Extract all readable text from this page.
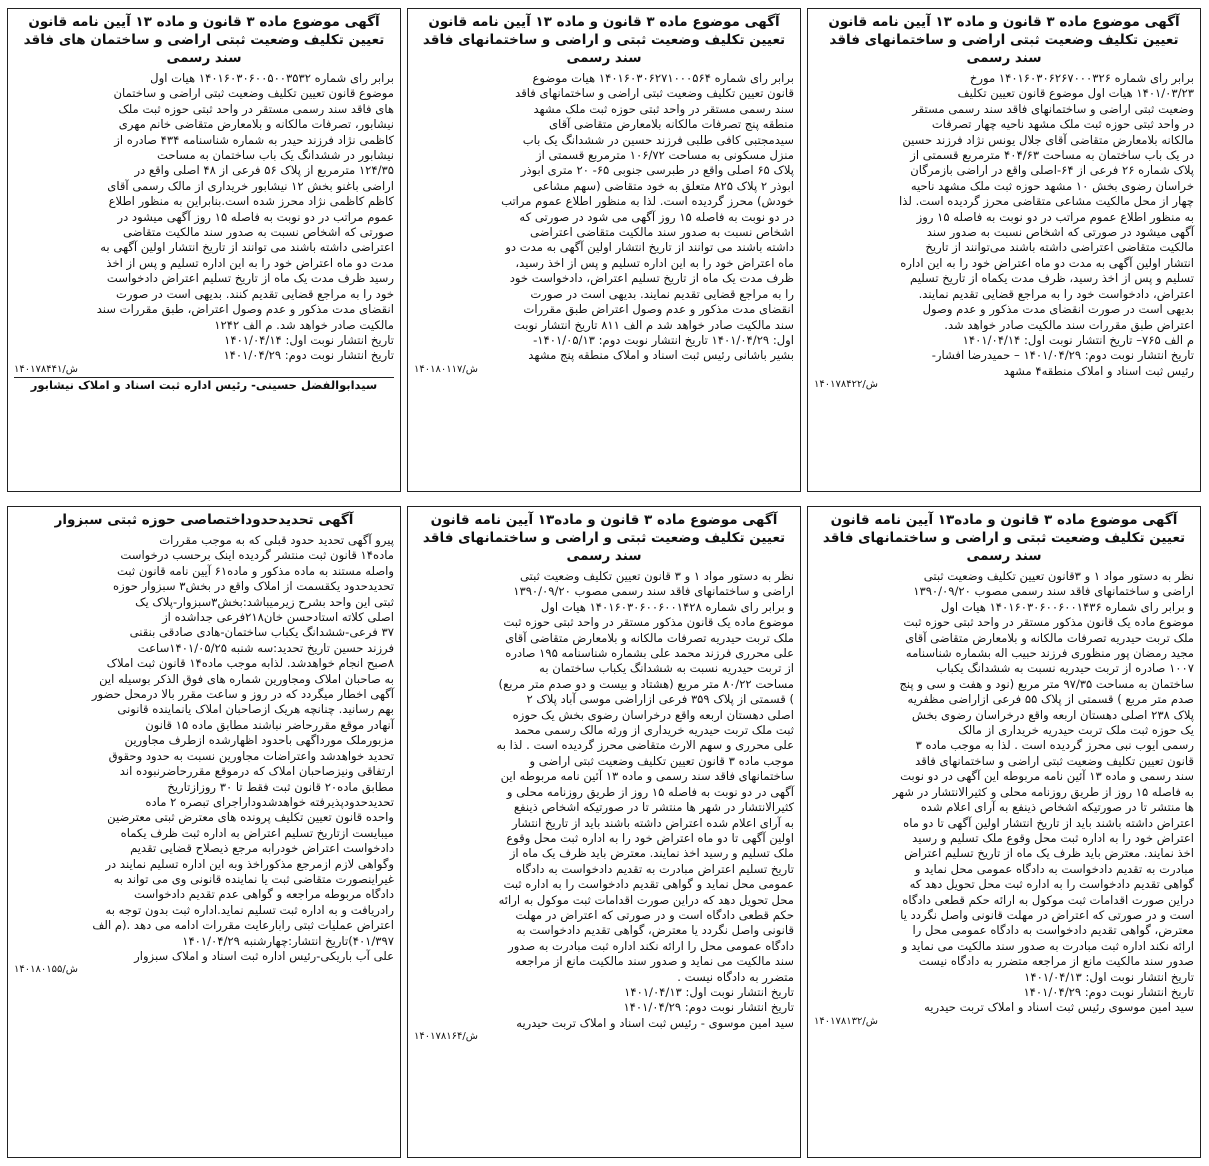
آگهی موضوع ماده ۳ قانون و ماده ۱۳ آیین نامه قانون تعیین تکلیف وضعیت ثبتی اراضی و ساختمانهای فاقد سند رسمی
برابر رای شماره ۱۴۰۱۶۰۳۰۶۲۶۷۰۰۰۳۲۶ مورخ
۱۴۰۱/۰۳/۲۳ هیات اول موضوع قانون تعیین تکلیف
وضعیت ثبتی اراضی و ساختمانهای فاقد سند رسمی مستقر
در واحد ثبتی حوزه ثبت ملک مشهد ناحیه چهار تصرفات
مالکانه بلامعارض متقاضی آقای جلال یونس نژاد فرزند حسین
در یک باب ساختمان به مساحت ۴۰۴/۶۳ مترمربع قسمتی از
پلاک شماره ۲۶ فرعی از ۶۴-اصلی واقع در اراضی بازمرگان
خراسان رضوی بخش ۱۰ مشهد حوزه ثبت ملک مشهد ناحیه
چهار از محل مالکیت مشاعی متقاضی محرز گردیده است. لذا
به منظور اطلاع عموم مراتب در دو نوبت به فاصله ۱۵ روز
آگهی میشود در صورتی که اشخاص نسبت به صدور سند
مالکیت متقاضی اعتراضی داشته باشند می‌توانند از تاریخ
انتشار اولین آگهی به مدت دو ماه اعتراض خود را به این اداره
تسلیم و پس از اخذ رسید، ظرف مدت یکماه از تاریخ تسلیم
اعتراض، دادخواست خود را به مراجع قضایی تقدیم نمایند.
بدیهی است در صورت انقضای مدت مذکور و عدم وصول
اعتراض طبق مقررات سند مالکیت صادر خواهد شد.
م الف ۷۶۵– تاریخ انتشار نوبت اول: ۱۴۰۱/۰۴/۱۴
تاریخ انتشار نوبت دوم: ۱۴۰۱/۰۴/۲۹ – حمیدرضا افشار-
رئیس ثبت اسناد و املاک منطقه۴ مشهد
۱۴۰۱۷۸۴۲۲/ش
آگهی موضوع ماده ۳ قانون و ماده ۱۳ آیین نامه قانون تعیین تکلیف وضعیت ثبتی و اراضی و ساختمانهای فاقد سند رسمی
برابر رای شماره ۱۴۰۱۶۰۳۰۶۲۷۱۰۰۰۵۶۴ هیات موضوع
قانون تعیین تکلیف وضعیت ثبتی اراضی و ساختمانهای فاقد
سند رسمی مستقر در واحد ثبتی حوزه ثبت ملک مشهد
منطقه پنج تصرفات مالکانه بلامعارض متقاضی آقای
سیدمجتبی کافی طلبی فرزند حسین در ششدانگ یک باب
منزل مسکونی به مساحت ۱۰۶/۷۲ مترمربع قسمتی از
پلاک ۶۵ اصلی واقع در طبرسی جنوبی ۶۵- ۲۰ متری ابوذر
ابوذر ۲ پلاک ۸۲۵ متعلق به خود متقاضی (سهم مشاعی
خودش) محرز گردیده است. لذا به منظور اطلاع عموم مراتب
در دو نوبت به فاصله ۱۵ روز آگهی می شود در صورتی که
اشخاص نسبت به صدور سند مالکیت متقاضی اعتراضی
داشته باشند می توانند از تاریخ انتشار اولین آگهی به مدت دو
ماه اعتراض خود را به این اداره تسلیم و پس از اخذ رسید،
ظرف مدت یک ماه از تاریخ تسلیم اعتراض، دادخواست خود
را به مراجع قضایی تقدیم نمایند. بدیهی است در صورت
انقضای مدت مذکور و عدم وصول اعتراض طبق مقررات
سند مالکیت صادر خواهد شد م الف ۸۱۱ تاریخ انتشار نوبت
اول: ۱۴۰۱/۰۴/۲۹ تاریخ انتشار نوبت دوم: ۱۴۰۱/۰۵/۱۳-
بشیر باشانی رئیس ثبت اسناد و املاک منطقه پنج مشهد
۱۴۰۱۸۰۱۱۷/ش
آگهی موضوع ماده ۳ قانون و ماده ۱۳ آیین نامه قانون تعیین تکلیف وضعیت ثبتی اراضی و ساختمان های فاقد سند رسمی
برابر رای شماره ۱۴۰۱۶۰۳۰۶۰۰۵۰۰۳۵۳۲ هیات اول
موضوع قانون تعیین تکلیف وضعیت ثبتی اراضی و ساختمان
های فاقد سند رسمی مستقر در واحد ثبتی حوزه ثبت ملک
نیشابور، تصرفات مالکانه و بلامعارض متقاضی خانم مهری
کاظمی نژاد فرزند حیدر به شماره شناسنامه ۴۳۴ صادره از
نیشابور در ششدانگ یک باب ساختمان به مساحت
۱۲۴/۳۵ مترمربع از پلاک ۵۶ فرعی از ۴۸ اصلی واقع در
اراضی باغنو بخش ۱۲ نیشابور خریداری از مالک رسمی آقای
کاظم کاظمی نژاد محرز شده است.بنابراین به منظور اطلاع
عموم مراتب در دو نوبت به فاصله ۱۵ روز آگهی میشود در
صورتی که اشخاص نسبت به صدور سند مالکیت متقاضی
اعتراضی داشته باشند می توانند از تاریخ انتشار اولین آگهی به
مدت دو ماه اعتراض خود را به این اداره تسلیم و پس از اخذ
رسید ظرف مدت یک ماه از تاریخ تسلیم اعتراض دادخواست
خود را به مراجع قضایی تقدیم کنند. بدیهی است در صورت
انقضای مدت مذکور و عدم وصول اعتراض، طبق مقررات سند
مالکیت صادر خواهد شد. م الف ۱۲۴۲
تاریخ انتشار نوبت اول: ۱۴۰۱/۰۴/۱۴
تاریخ انتشار نوبت دوم: ۱۴۰۱/۰۴/۲۹
۱۴۰۱۷۸۴۴۱/ش
سیدابوالفضل حسینی- رئیس اداره ثبت اسناد و املاک نیشابور
آگهی موضوع ماده ۳ قانون و ماده۱۳ آیین نامه قانون تعیین تکلیف وضعیت ثبتی و اراضی و ساختمانهای فاقد سند رسمی
نظر به دستور مواد ۱ و ۳قانون تعیین تکلیف وضعیت ثبتی
اراضی و ساختمانهای فاقد سند رسمی مصوب ۱۳۹۰/۰۹/۲۰
و برابر رای شماره ۱۴۰۱۶۰۳۰۶۰۰۶۰۰۱۴۳۶ هیات اول
موضوع ماده یک قانون مذکور مستقر در واحد ثبتی حوزه ثبت
ملک تربت حیدریه تصرفات مالکانه و بلامعارض متقاضی آقای
مجید رمضان پور منظوری فرزند حبیب اله بشماره شناسنامه
۱۰۰۷ صادره از تربت حیدریه نسبت به ششدانگ یکباب
ساختمان به مساحت ۹۷/۳۵ متر مربع (نود و هفت و سی و پنج
صدم متر مربع ) قسمتی از پلاک ۵۵ فرعی ازاراضی مظفریه
پلاک ۲۳۸ اصلی دهستان اربعه واقع درخراسان رضوی بخش
یک حوزه ثبت ملک تربت حیدریه خریداری از مالک
رسمی ایوب نبی محرز گردیده است . لذا به موجب ماده ۳
قانون تعیین تکلیف وضعیت ثبتی اراضی و ساختمانهای فاقد
سند رسمی و ماده ۱۳ آئین نامه مربوطه این آگهی در دو نوبت
به فاصله ۱۵ روز از طریق روزنامه محلی و کثیرالانتشار در شهر
ها منتشر تا در صورتیکه اشخاص ذینفع به آرای اعلام شده
اعتراض داشته باشند باید از تاریخ انتشار اولین آگهی تا دو ماه
اعتراض خود را به اداره ثبت محل وقوع ملک تسلیم و رسید
اخذ نمایند. معترض باید ظرف یک ماه از تاریخ تسلیم اعتراض
مبادرت به تقدیم دادخواست به دادگاه عمومی محل نماید و
گواهی تقدیم دادخواست را به اداره ثبت محل تحویل دهد که
دراین صورت اقدامات ثبت موکول به ارائه حکم قطعی دادگاه
است و در صورتی که اعتراض در مهلت قانونی واصل نگردد یا
معترض، گواهی تقدیم دادخواست به دادگاه عمومی محل را
ارائه نکند اداره ثبت مبادرت به صدور سند مالکیت می نماید و
صدور سند مالکیت مانع از مراجعه متضرر به دادگاه نیست
تاریخ انتشار نوبت اول: ۱۴۰۱/۰۴/۱۳
تاریخ انتشار نوبت دوم: ۱۴۰۱/۰۴/۲۹
سید امین موسوی رئیس ثبت اسناد و املاک تربت حیدریه
۱۴۰۱۷۸۱۳۲/ش
آگهی موضوع ماده ۳ قانون و ماده۱۳ آیین نامه قانون تعیین تکلیف وضعیت ثبتی و اراضی و ساختمانهای فاقد سند رسمی
نظر به دستور مواد ۱ و ۳ قانون تعیین تکلیف وضعیت ثبتی
اراضی و ساختمانهای فاقد سند رسمی مصوب ۱۳۹۰/۰۹/۲۰
و برابر رای شماره ۱۴۰۱۶۰۳۰۶۰۰۶۰۰۱۴۲۸ هیات اول
موضوع ماده یک قانون مذکور مستقر در واحد ثبتی حوزه ثبت
ملک تربت حیدریه تصرفات مالکانه و بلامعارض متقاضی آقای
علی محرری فرزند محمد علی بشماره شناسنامه ۱۹۵ صادره
از تربت حیدریه نسبت به ششدانگ یکباب ساختمان به
مساحت ۸۰/۲۲ متر مربع (هشتاد و بیست و دو صدم متر مربع)
) قسمتی از پلاک ۳۵۹ فرعی ازاراضی موسی آباد پلاک ۲
اصلی دهستان اربعه واقع درخراسان رضوی بخش یک حوزه
ثبت ملک تربت حیدریه خریداری از ورثه مالک رسمی محمد
علی محرری و سهم الارث متقاضی محرز گردیده است . لذا به
موجب ماده ۳ قانون تعیین تکلیف وضعیت ثبتی اراضی و
ساختمانهای فاقد سند رسمی و ماده ۱۳ آئین نامه مربوطه این
آگهی در دو نوبت به فاصله ۱۵ روز از طریق روزنامه محلی و
کثیرالانتشار در شهر ها منتشر تا در صورتیکه اشخاص ذینفع
به آرای اعلام شده اعتراض داشته باشند باید از تاریخ انتشار
اولین آگهی تا دو ماه اعتراض خود را به اداره ثبت محل وقوع
ملک تسلیم و رسید اخذ نمایند. معترض باید ظرف یک ماه از
تاریخ تسلیم اعتراض مبادرت به تقدیم دادخواست به دادگاه
عمومی محل نماید و گواهی تقدیم دادخواست را به اداره ثبت
محل تحویل دهد که دراین صورت اقدامات ثبت موکول به ارائه
حکم قطعی دادگاه است و در صورتی که اعتراض در مهلت
قانونی واصل نگردد یا معترض، گواهی تقدیم دادخواست به
دادگاه عمومی محل را ارائه نکند اداره ثبت مبادرت به صدور
سند مالکیت می نماید و صدور سند مالکیت مانع از مراجعه
متضرر به دادگاه نیست .
تاریخ انتشار نوبت اول: ۱۴۰۱/۰۴/۱۳
تاریخ انتشار نوبت دوم: ۱۴۰۱/۰۴/۲۹
سید امین موسوی - رئیس ثبت اسناد و املاک تربت حیدریه
۱۴۰۱۷۸۱۶۴/ش
آگهی تحدیدحدوداختصاصی حوزه ثبتی سبزوار
پیرو آگهی تحدید حدود قبلی که به موجب مقررات
ماده۱۴ قانون ثبت منتشر گردیده اینک برحسب درخواست
واصله مستند به ماده مذکور و ماده۶۱ آیین نامه قانون ثبت
تحدیدحدود یکقسمت از املاک واقع در بخش۳ سبزوار حوزه
ثبتی این واحد بشرح زیرمیباشد:بخش۳سبزوار-پلاک یک
اصلی کلاته استادحسن خان۲۱۸فرعی جداشده از
۳۷ فرعی-ششدانگ یکباب ساختمان-هادی صادقی بنقنی
فرزند حسین تاریخ تحدید:سه شنبه ۱۴۰۱/۰۵/۲۵ساعت
۸صبح انجام خواهدشد. لذابه موجب ماده۱۴ قانون ثبت املاک
به صاحبان املاک ومجاورین شماره های فوق الذکر بوسیله این
آگهی اخطار میگردد که در روز و ساعت مقرر بالا درمحل حضور
بهم رسانید. چنانچه هریک ازصاحبان املاک یانماینده قانونی
آنهادر موقع مقررحاضر نباشند مطابق ماده ۱۵ قانون
مزبورملک مورداگهی باحدود اظهارشده ازطرف مجاورین
تحدید خواهدشد واعتراضات مجاورین نسبت به حدود وحقوق
ارتفاقی ونیزصاحبان املاک که درموقع مقررحاضرنبوده اند
مطابق ماده۲۰ قانون ثبت فقط تا ۳۰ روزازتاریخ
تحدیدحدودپذیرفته خواهدشدوداراجرای تبصره ۲ ماده
واحده قانون تعیین تکلیف پرونده های معترض ثبتی معترضین
میبایست ازتاریخ تسلیم اعتراض به اداره ثبت ظرف یکماه
دادخواست اعتراض خودرابه مرجع ذیصلاح قضایی تقدیم
وگواهی لازم ازمرجع مذکوراخذ وبه این اداره تسلیم نمایند در
غیراینصورت متقاضی ثبت یا نماینده قانونی وی می تواند به
دادگاه مربوطه مراجعه و گواهی عدم تقدیم دادخواست
رادریافت و به اداره ثبت تسلیم نماید.اداره ثبت بدون توجه به
اعتراض عملیات ثبتی رابارعایت مقررات ادامه می دهد .(م الف
۴۰۱/۳۹۷)تاریخ انتشار:چهارشنبه ۱۴۰۱/۰۴/۲۹
علی آب باریکی-رئیس اداره ثبت اسناد و املاک سبزوار
۱۴۰۱۸۰۱۵۵/ش
